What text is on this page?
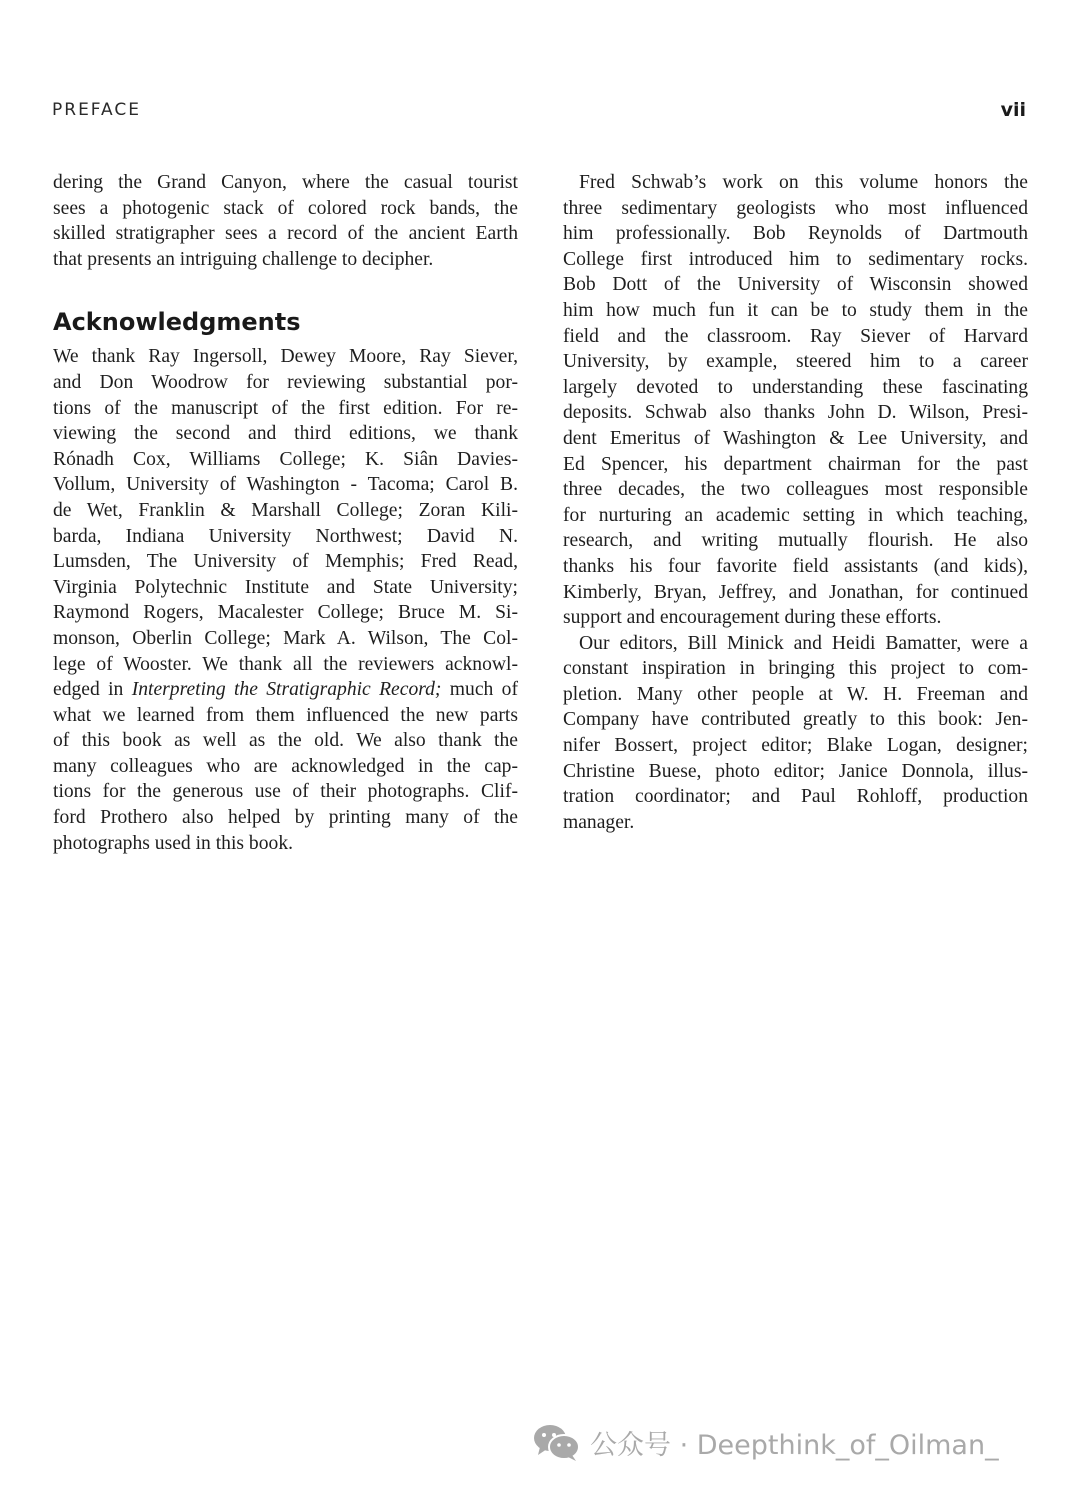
PREFACE	vii
dering the Grand Canyon, where the casual tourist
sees a photogenic stack of colored rock bands, the
skilled stratigrapher sees a record of the ancient Earth
that presents an intriguing challenge to decipher.
Acknowledgments
We thank Ray Ingersoll, Dewey Moore, Ray Siever,
and Don Woodrow for reviewing substantial por-
tions of the manuscript of the first edition. For re-
viewing the second and third editions, we thank
Rónadh Cox, Williams College; K. Siân Davies-
Vollum, University of Washington - Tacoma; Carol B.
de Wet, Franklin & Marshall College; Zoran Kili-
barda, Indiana University Northwest; David N.
Lumsden, The University of Memphis; Fred Read,
Virginia Polytechnic Institute and State University;
Raymond Rogers, Macalester College; Bruce M. Si-
monson, Oberlin College; Mark A. Wilson, The Col-
lege of Wooster. We thank all the reviewers acknowl-
edged in Interpreting the Stratigraphic Record; much of
what we learned from them influenced the new parts
of this book as well as the old. We also thank the
many colleagues who are acknowledged in the cap-
tions for the generous use of their photographs. Clif-
ford Prothero also helped by printing many of the
photographs used in this book.
Fred Schwab’s work on this volume honors the
three sedimentary geologists who most influenced
him professionally. Bob Reynolds of Dartmouth
College first introduced him to sedimentary rocks.
Bob Dott of the University of Wisconsin showed
him how much fun it can be to study them in the
field and the classroom. Ray Siever of Harvard
University, by example, steered him to a career
largely devoted to understanding these fascinating
deposits. Schwab also thanks John D. Wilson, Presi-
dent Emeritus of Washington & Lee University, and
Ed Spencer, his department chairman for the past
three decades, the two colleagues most responsible
for nurturing an academic setting in which teaching,
research, and writing mutually flourish. He also
thanks his four favorite field assistants (and kids),
Kimberly, Bryan, Jeffrey, and Jonathan, for continued
support and encouragement during these efforts.
Our editors, Bill Minick and Heidi Bamatter, were a
constant inspiration in bringing this project to com-
pletion. Many other people at W. H. Freeman and
Company have contributed greatly to this book: Jen-
nifer Bossert, project editor; Blake Logan, designer;
Christine Buese, photo editor; Janice Donnola, illus-
tration coordinator; and Paul Rohloff, production
manager.
公众号 · Deepthink_of_Oilman_
